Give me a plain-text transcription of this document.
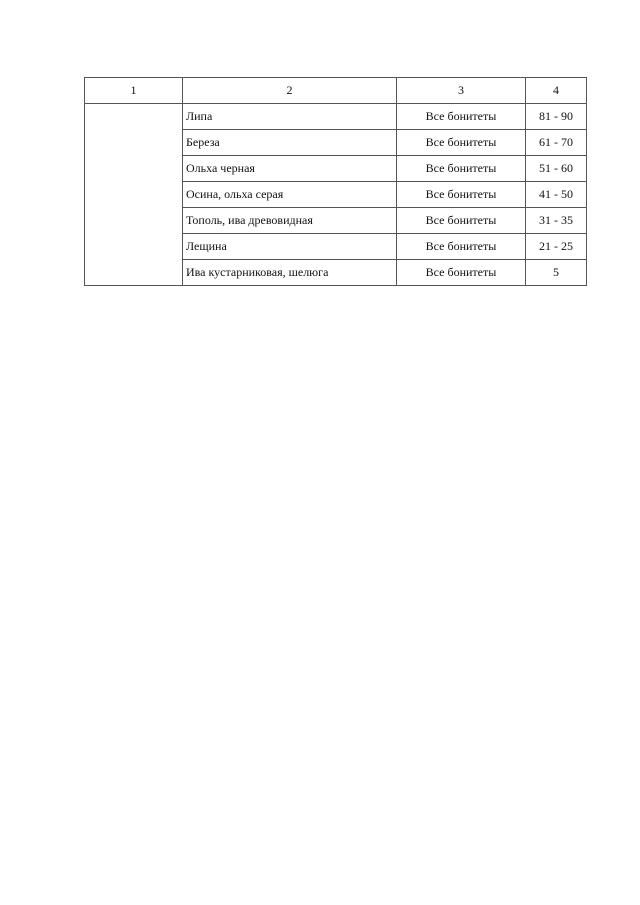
1	2	3	4
	Липа	Все бонитеты	81 - 90
	Береза	Все бонитеты	61 - 70
	Ольха черная	Все бонитеты	51 - 60
	Осина, ольха серая	Все бонитеты	41 - 50
	Тополь, ива древовидная	Все бонитеты	31 - 35
	Лещина	Все бонитеты	21 - 25
	Ива кустарниковая, шелюга	Все бонитеты	5
